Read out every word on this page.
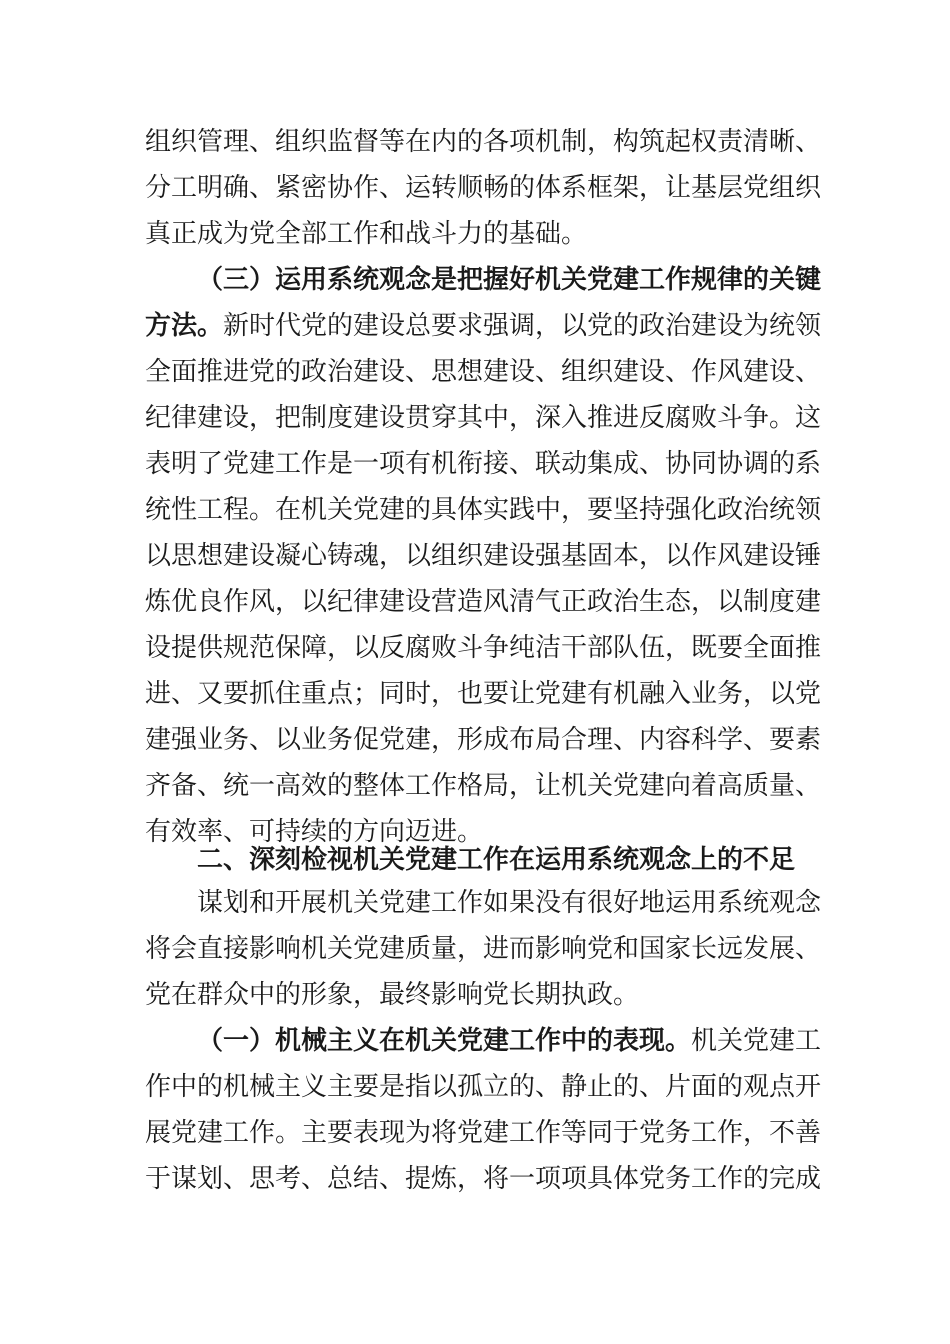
组织管理、组织监督等在内的各项机制，构筑起权责清晰、
分工明确、紧密协作、运转顺畅的体系框架，让基层党组织
真正成为党全部工作和战斗力的基础。
（三）运用系统观念是把握好机关党建工作规律的关键
方法。新时代党的建设总要求强调，以党的政治建设为统领
全面推进党的政治建设、思想建设、组织建设、作风建设、
纪律建设，把制度建设贯穿其中，深入推进反腐败斗争。这
表明了党建工作是一项有机衔接、联动集成、协同协调的系
统性工程。在机关党建的具体实践中，要坚持强化政治统领
以思想建设凝心铸魂，以组织建设强基固本，以作风建设锤
炼优良作风，以纪律建设营造风清气正政治生态，以制度建
设提供规范保障，以反腐败斗争纯洁干部队伍，既要全面推
进、又要抓住重点；同时，也要让党建有机融入业务，以党
建强业务、以业务促党建，形成布局合理、内容科学、要素
齐备、统一高效的整体工作格局，让机关党建向着高质量、
有效率、可持续的方向迈进。
二、深刻检视机关党建工作在运用系统观念上的不足
谋划和开展机关党建工作如果没有很好地运用系统观念
将会直接影响机关党建质量，进而影响党和国家长远发展、
党在群众中的形象，最终影响党长期执政。
（一）机械主义在机关党建工作中的表现。机关党建工
作中的机械主义主要是指以孤立的、静止的、片面的观点开
展党建工作。主要表现为将党建工作等同于党务工作，不善
于谋划、思考、总结、提炼，将一项项具体党务工作的完成
